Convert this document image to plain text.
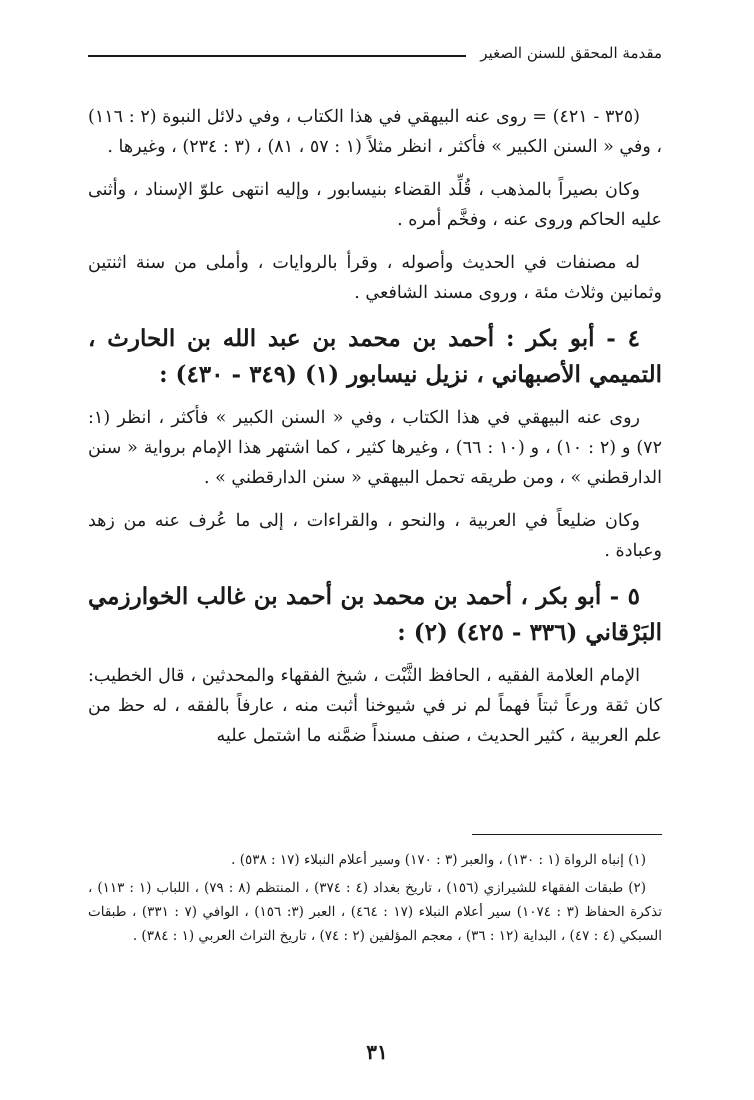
مقدمة المحقق للسنن الصغير

(٣٢٥ - ٤٢١) = روى عنه البيهقي في هذا الكتاب ، وفي دلائل النبوة (٢ : ١١٦) ، وفي « السنن الكبير » فأكثر ، انظر مثلاً (١ : ٥٧ ، ٨١) ، (٣ : ٢٣٤) ، وغيرها .

وكان بصيراً بالمذهب ، قُلِّد القضاء بنيسابور ، وإليه انتهى علوّ الإسناد ، وأثنى عليه الحاكم وروى عنه ، وفخَّم أمره .

له مصنفات في الحديث وأصوله ، وقرأ بالروايات ، وأملى من سنة اثنتين وثمانين وثلاث مئة ، وروى مسند الشافعي .

٤ - أبو بكر : أحمد بن محمد بن عبد الله بن الحارث ، التميمي الأصبهاني ، نزيل نيسابور (١) (٣٤٩ - ٤٣٠) :

روى عنه البيهقي في هذا الكتاب ، وفي « السنن الكبير » فأكثر ، انظر (١: ٧٢) و (٢ : ١٠) ، و (١٠ : ٦٦) ، وغيرها كثير ، كما اشتهر هذا الإمام برواية « سنن الدارقطني » ، ومن طريقه تحمل البيهقي « سنن الدارقطني » .

وكان ضليعاً في العربية ، والنحو ، والقراءات ، إلى ما عُرف عنه من زهد وعبادة .

٥ - أبو بكر ، أحمد بن محمد بن أحمد بن غالب الخوارزمي البَرْقاني (٣٣٦ - ٤٢٥) (٢) :

الإمام العلامة الفقيه ، الحافظ الثَّبْت ، شيخ الفقهاء والمحدثين ، قال الخطيب: كان ثقة ورعاً ثبتاً فهماً لم نر في شيوخنا أثبت منه ، عارفاً بالفقه ، له حظ من علم العربية ، كثير الحديث ، صنف مسنداً ضمَّنه ما اشتمل عليه

(١) إنباه الرواة (١ : ١٣٠) ، والعبر (٣ : ١٧٠) وسير أعلام النبلاء (١٧ : ٥٣٨) .

(٢) طبقات الفقهاء للشيرازي (١٥٦) ، تاريخ بغداد (٤ : ٣٧٤) ، المنتظم (٨ : ٧٩) ، اللباب (١ : ١١٣) ، تذكرة الحفاظ (٣ : ١٠٧٤) سير أعلام النبلاء (١٧ : ٤٦٤) ، العبر (٣: ١٥٦) ، الوافي (٧ : ٣٣١) ، طبقات السبكي (٤ : ٤٧) ، البداية (١٢ : ٣٦) ، معجم المؤلفين (٢ : ٧٤) ، تاريخ التراث العربي (١ : ٣٨٤) .

٣١
